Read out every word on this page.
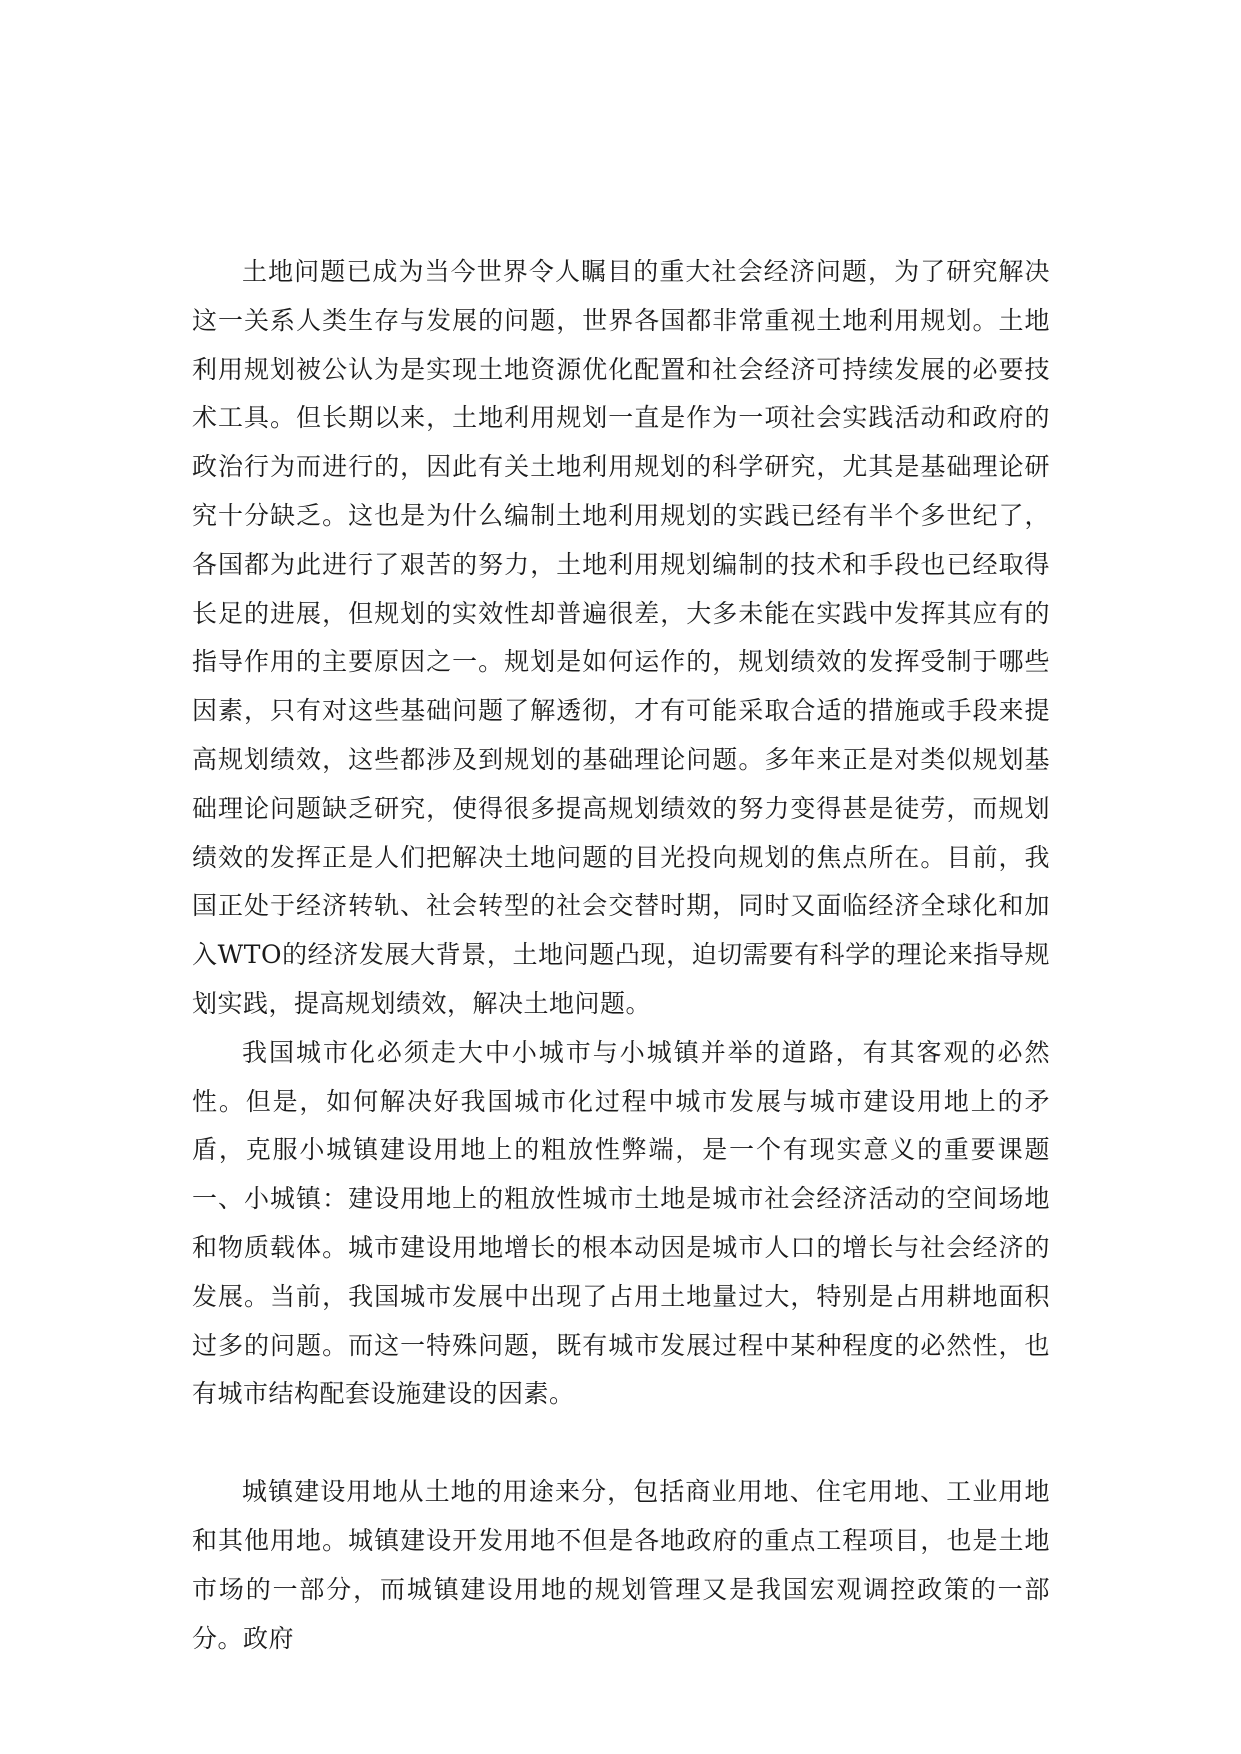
土地问题已成为当今世界令人瞩目的重大社会经济问题，为了研究解决这一关系人类生存与发展的问题，世界各国都非常重视土地利用规划。土地利用规划被公认为是实现土地资源优化配置和社会经济可持续发展的必要技术工具。但长期以来，土地利用规划一直是作为一项社会实践活动和政府的政治行为而进行的，因此有关土地利用规划的科学研究，尤其是基础理论研究十分缺乏。这也是为什么编制土地利用规划的实践已经有半个多世纪了，各国都为此进行了艰苦的努力，土地利用规划编制的技术和手段也已经取得长足的进展，但规划的实效性却普遍很差，大多未能在实践中发挥其应有的指导作用的主要原因之一。规划是如何运作的，规划绩效的发挥受制于哪些因素，只有对这些基础问题了解透彻，才有可能采取合适的措施或手段来提高规划绩效，这些都涉及到规划的基础理论问题。多年来正是对类似规划基础理论问题缺乏研究，使得很多提高规划绩效的努力变得甚是徒劳，而规划绩效的发挥正是人们把解决土地问题的目光投向规划的焦点所在。目前，我国正处于经济转轨、社会转型的社会交替时期，同时又面临经济全球化和加入WTO的经济发展大背景，土地问题凸现，迫切需要有科学的理论来指导规划实践，提高规划绩效，解决土地问题。

我国城市化必须走大中小城市与小城镇并举的道路，有其客观的必然性。但是，如何解决好我国城市化过程中城市发展与城市建设用地上的矛盾，克服小城镇建设用地上的粗放性弊端，是一个有现实意义的重要课题一、小城镇：建设用地上的粗放性城市土地是城市社会经济活动的空间场地和物质载体。城市建设用地增长的根本动因是城市人口的增长与社会经济的发展。当前，我国城市发展中出现了占用土地量过大，特别是占用耕地面积过多的问题。而这一特殊问题，既有城市发展过程中某种程度的必然性，也有城市结构配套设施建设的因素。

城镇建设用地从土地的用途来分，包括商业用地、住宅用地、工业用地和其他用地。城镇建设开发用地不但是各地政府的重点工程项目，也是土地市场的一部分，而城镇建设用地的规划管理又是我国宏观调控政策的一部分。政府
